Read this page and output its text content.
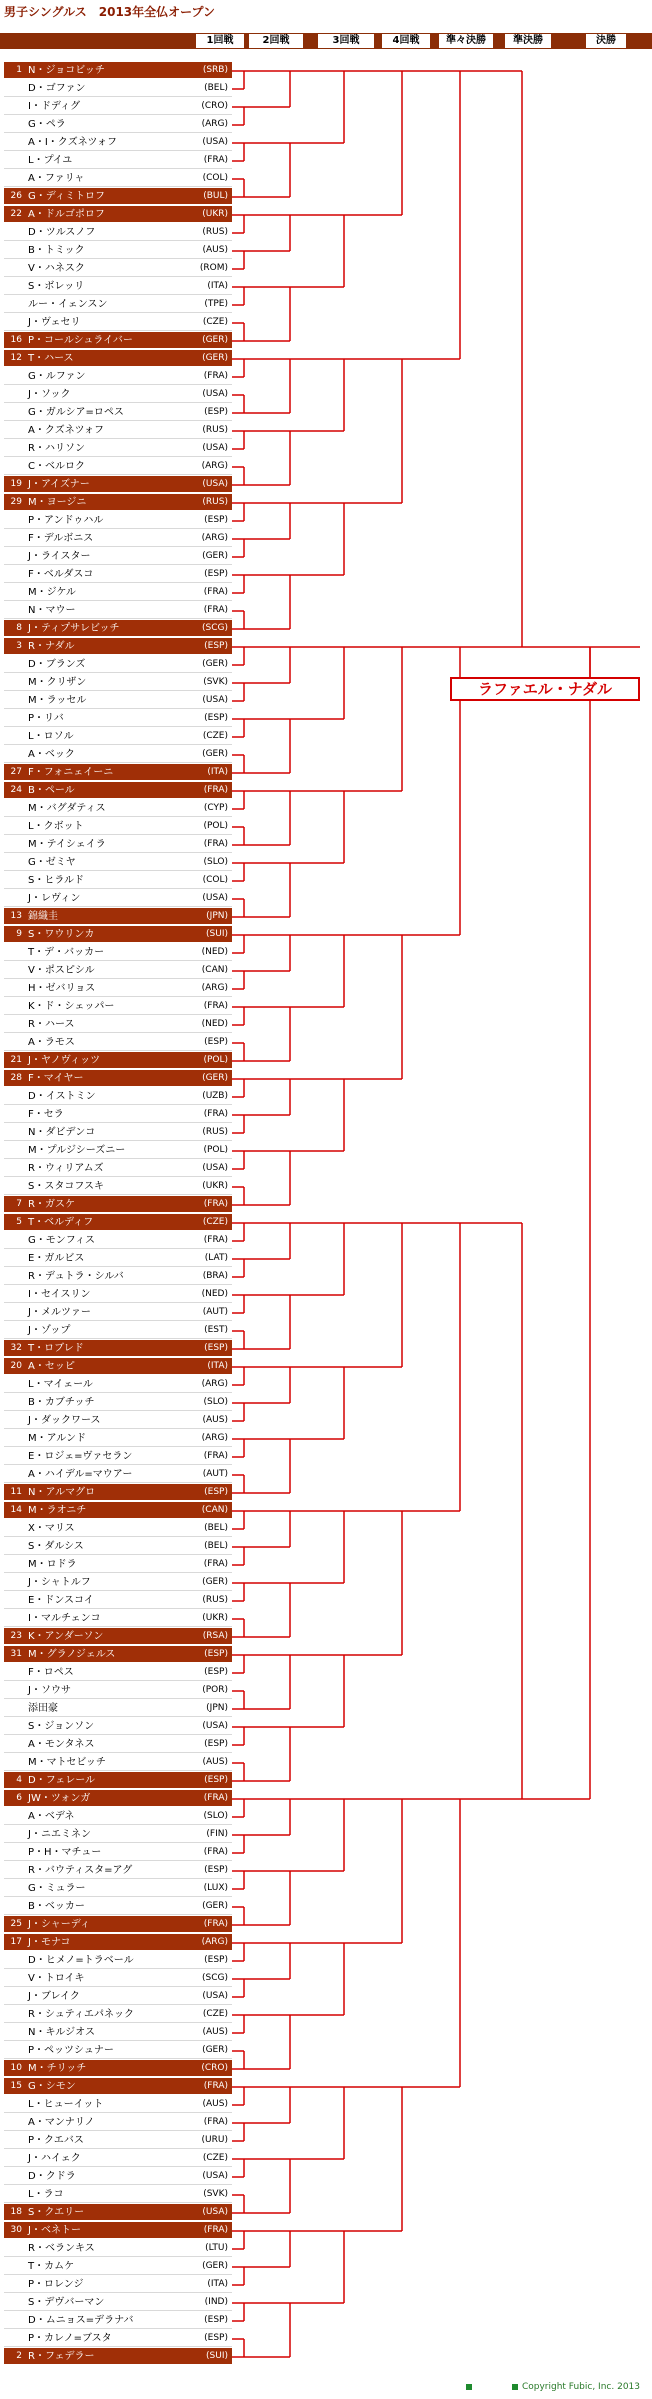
男子シングルス　2013年全仏オープン
1回戦	2回戦	3回戦	4回戦	準々決勝	準決勝	決勝
1 N・ジョコビッチ	(SRB)
D・ゴファン	(BEL)
I・ドディグ	(CRO)
G・ペラ	(ARG)
A・I・クズネツォフ	(USA)
L・プイユ	(FRA)
A・ファリャ	(COL)
26 G・ディミトロフ	(BUL)
22 A・ドルゴポロフ	(UKR)
D・ツルスノフ	(RUS)
B・トミック	(AUS)
V・ハネスク	(ROM)
S・ボレッリ	(ITA)
ルー・イェンスン	(TPE)
J・ヴェセリ	(CZE)
16 P・コールシュライバー	(GER)
12 T・ハース	(GER)
G・ルファン	(FRA)
J・ソック	(USA)
G・ガルシア=ロペス	(ESP)
A・クズネツォフ	(RUS)
R・ハリソン	(USA)
C・ベルロク	(ARG)
19 J・アイズナー	(USA)
29 M・ヨージニ	(RUS)
P・アンドゥハル	(ESP)
F・デルボニス	(ARG)
J・ライスター	(GER)
F・ベルダスコ	(ESP)
M・ジケル	(FRA)
N・マウー	(FRA)
8 J・ティプサレビッチ	(SCG)
3 R・ナダル	(ESP)
D・ブランズ	(GER)
M・クリザン	(SVK)
M・ラッセル	(USA)
P・リバ	(ESP)
L・ロソル	(CZE)
A・ベック	(GER)
27 F・フォニェイーニ	(ITA)
24 B・ペール	(FRA)
M・バグダティス	(CYP)
L・クボット	(POL)
M・テイシェイラ	(FRA)
G・ゼミヤ	(SLO)
S・ヒラルド	(COL)
J・レヴィン	(USA)
13 錦織圭	(JPN)
9 S・ワウリンカ	(SUI)
T・デ・バッカー	(NED)
V・ポスピシル	(CAN)
H・ゼバリョス	(ARG)
K・ド・シェッパー	(FRA)
R・ハース	(NED)
A・ラモス	(ESP)
21 J・ヤノヴィッツ	(POL)
28 F・マイヤー	(GER)
D・イストミン	(UZB)
F・セラ	(FRA)
N・ダビデンコ	(RUS)
M・プルジシーズニー	(POL)
R・ウィリアムズ	(USA)
S・スタコフスキ	(UKR)
7 R・ガスケ	(FRA)
5 T・ベルディフ	(CZE)
G・モンフィス	(FRA)
E・ガルビス	(LAT)
R・デュトラ・シルバ	(BRA)
I・セイスリン	(NED)
J・メルツァー	(AUT)
J・ゾップ	(EST)
32 T・ロブレド	(ESP)
20 A・セッピ	(ITA)
L・マイェール	(ARG)
B・カブチッチ	(SLO)
J・ダックワース	(AUS)
M・アルンド	(ARG)
E・ロジェ=ヴァセラン	(FRA)
A・ハイデル=マウアー	(AUT)
11 N・アルマグロ	(ESP)
14 M・ラオニチ	(CAN)
X・マリス	(BEL)
S・ダルシス	(BEL)
M・ロドラ	(FRA)
J・シャトルフ	(GER)
E・ドンスコイ	(RUS)
I・マルチェンコ	(UKR)
23 K・アンダーソン	(RSA)
31 M・グラノジェルス	(ESP)
F・ロペス	(ESP)
J・ソウサ	(POR)
添田豪	(JPN)
S・ジョンソン	(USA)
A・モンタネス	(ESP)
M・マトセビッチ	(AUS)
4 D・フェレール	(ESP)
6 JW・ツォンガ	(FRA)
A・ベデネ	(SLO)
J・ニエミネン	(FIN)
P・H・マチュー	(FRA)
R・バウティスタ=アグ	(ESP)
G・ミュラー	(LUX)
B・ベッカー	(GER)
25 J・シャーディ	(FRA)
17 J・モナコ	(ARG)
D・ヒメノ=トラベール	(ESP)
V・トロイキ	(SCG)
J・ブレイク	(USA)
R・シュティエパネック	(CZE)
N・キルジオス	(AUS)
P・ペッツシュナー	(GER)
10 M・チリッチ	(CRO)
15 G・シモン	(FRA)
L・ヒューイット	(AUS)
A・マンナリノ	(FRA)
P・クエバス	(URU)
J・ハイェク	(CZE)
D・クドラ	(USA)
L・ラコ	(SVK)
18 S・クエリー	(USA)
30 J・ベネトー	(FRA)
R・ベランキス	(LTU)
T・カムケ	(GER)
P・ロレンジ	(ITA)
S・デヴバーマン	(IND)
D・ムニョス=デラナバ	(ESP)
P・カレノ=ブスタ	(ESP)
2 R・フェデラー	(SUI)
ラファエル・ナダル
Copyright Fubic, Inc. 2013
